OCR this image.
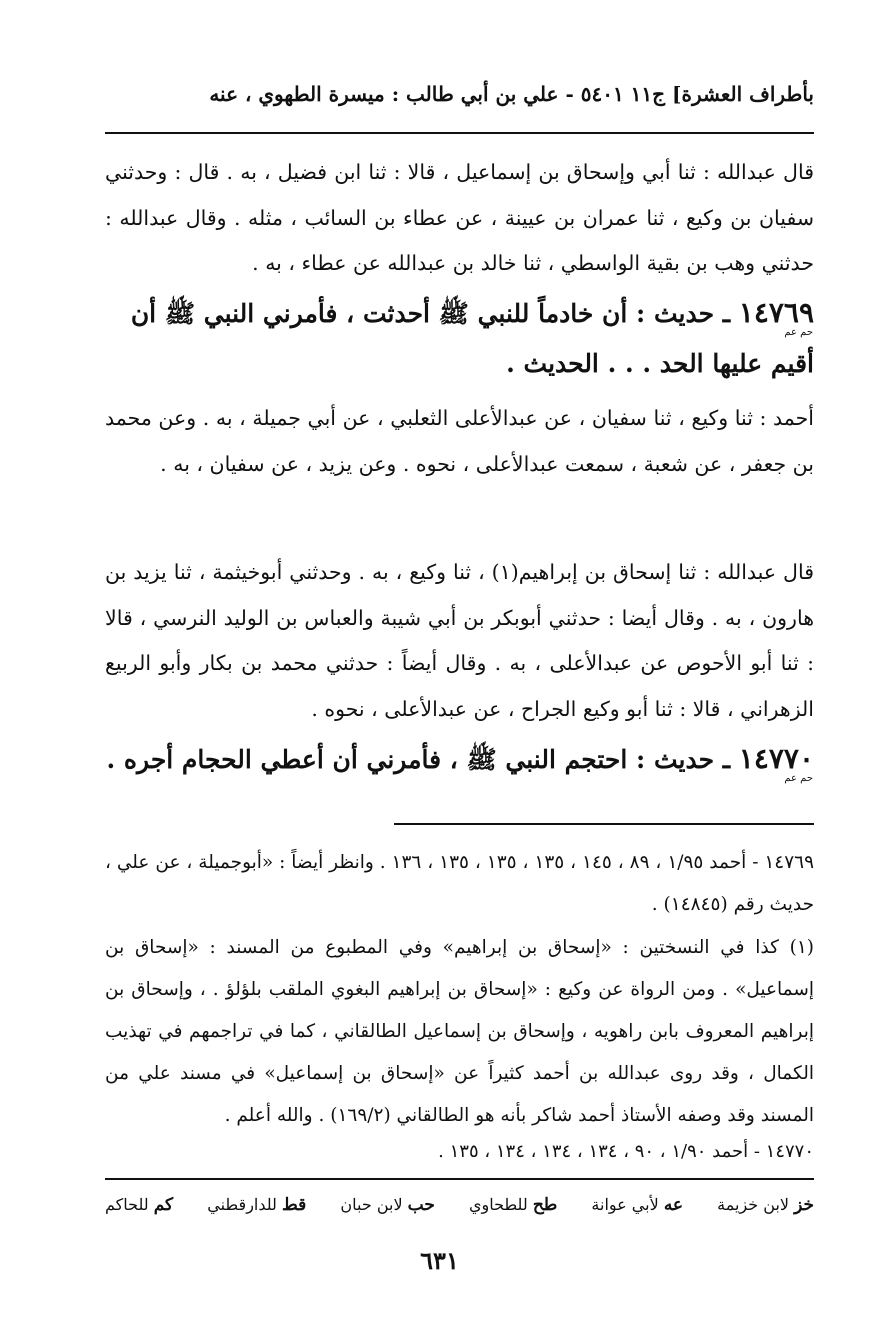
بأطراف العشرة] ج١١ ٥٤٠١ - علي بن أبي طالب : ميسرة الطهوي ، عنه
قال عبدالله : ثنا أبي وإسحاق بن إسماعيل ، قالا : ثنا ابن فضيل ، به . قال : وحدثني سفيان بن وكيع ، ثنا عمران بن عيينة ، عن عطاء بن السائب ، مثله . وقال عبدالله : حدثني وهب بن بقية الواسطي ، ثنا خالد بن عبدالله عن عطاء ، به .
١٤٧٦٩ ـ حديث : أن خادماً للنبي ﷺ أحدثت ، فأمرني النبي ﷺ أن أقيم عليها الحد . . . الحديث .
حم عم
أحمد : ثنا وكيع ، ثنا سفيان ، عن عبدالأعلى الثعلبي ، عن أبي جميلة ، به . وعن محمد بن جعفر ، عن شعبة ، سمعت عبدالأعلى ، نحوه . وعن يزيد ، عن سفيان ، به .
قال عبدالله : ثنا إسحاق بن إبراهيم(١) ، ثنا وكيع ، به . وحدثني أبوخيثمة ، ثنا يزيد بن هارون ، به . وقال أيضا : حدثني أبوبكر بن أبي شيبة والعباس بن الوليد النرسي ، قالا : ثنا أبو الأحوص عن عبدالأعلى ، به . وقال أيضاً : حدثني محمد بن بكار وأبو الربيع الزهراني ، قالا : ثنا أبو وكيع الجراح ، عن عبدالأعلى ، نحوه .
١٤٧٧٠ ـ حديث : احتجم النبي ﷺ ، فأمرني أن أعطي الحجام أجره .
حم عم
١٤٧٦٩ - أحمد ١/٩٥ ، ٨٩ ، ١٤٥ ، ١٣٥ ، ١٣٥ ، ١٣٥ ، ١٣٦ . وانظر أيضاً : «أبوجميلة ، عن علي ، حديث رقم (١٤٨٤٥) .
(١) كذا في النسختين : «إسحاق بن إبراهيم» وفي المطبوع من المسند : «إسحاق بن إسماعيل» . ومن الرواة عن وكيع : «إسحاق بن إبراهيم البغوي الملقب بلؤلؤ . ، وإسحاق بن إبراهيم المعروف بابن راهويه ، وإسحاق بن إسماعيل الطالقاني ، كما في تراجمهم في تهذيب الكمال ، وقد روى عبدالله بن أحمد كثيراً عن «إسحاق بن إسماعيل» في مسند علي من المسند وقد وصفه الأستاذ أحمد شاكر بأنه هو الطالقاني (١٦٩/٢) . والله أعلم .
١٤٧٧٠ - أحمد ١/٩٠ ، ٩٠ ، ١٣٤ ، ١٣٤ ، ١٣٤ ، ١٣٥ .
خز لابن خزيمة
عه لأبي عوانة
طح للطحاوي
حب لابن حبان
قط للدارقطني
كم للحاكم
٦٣١
